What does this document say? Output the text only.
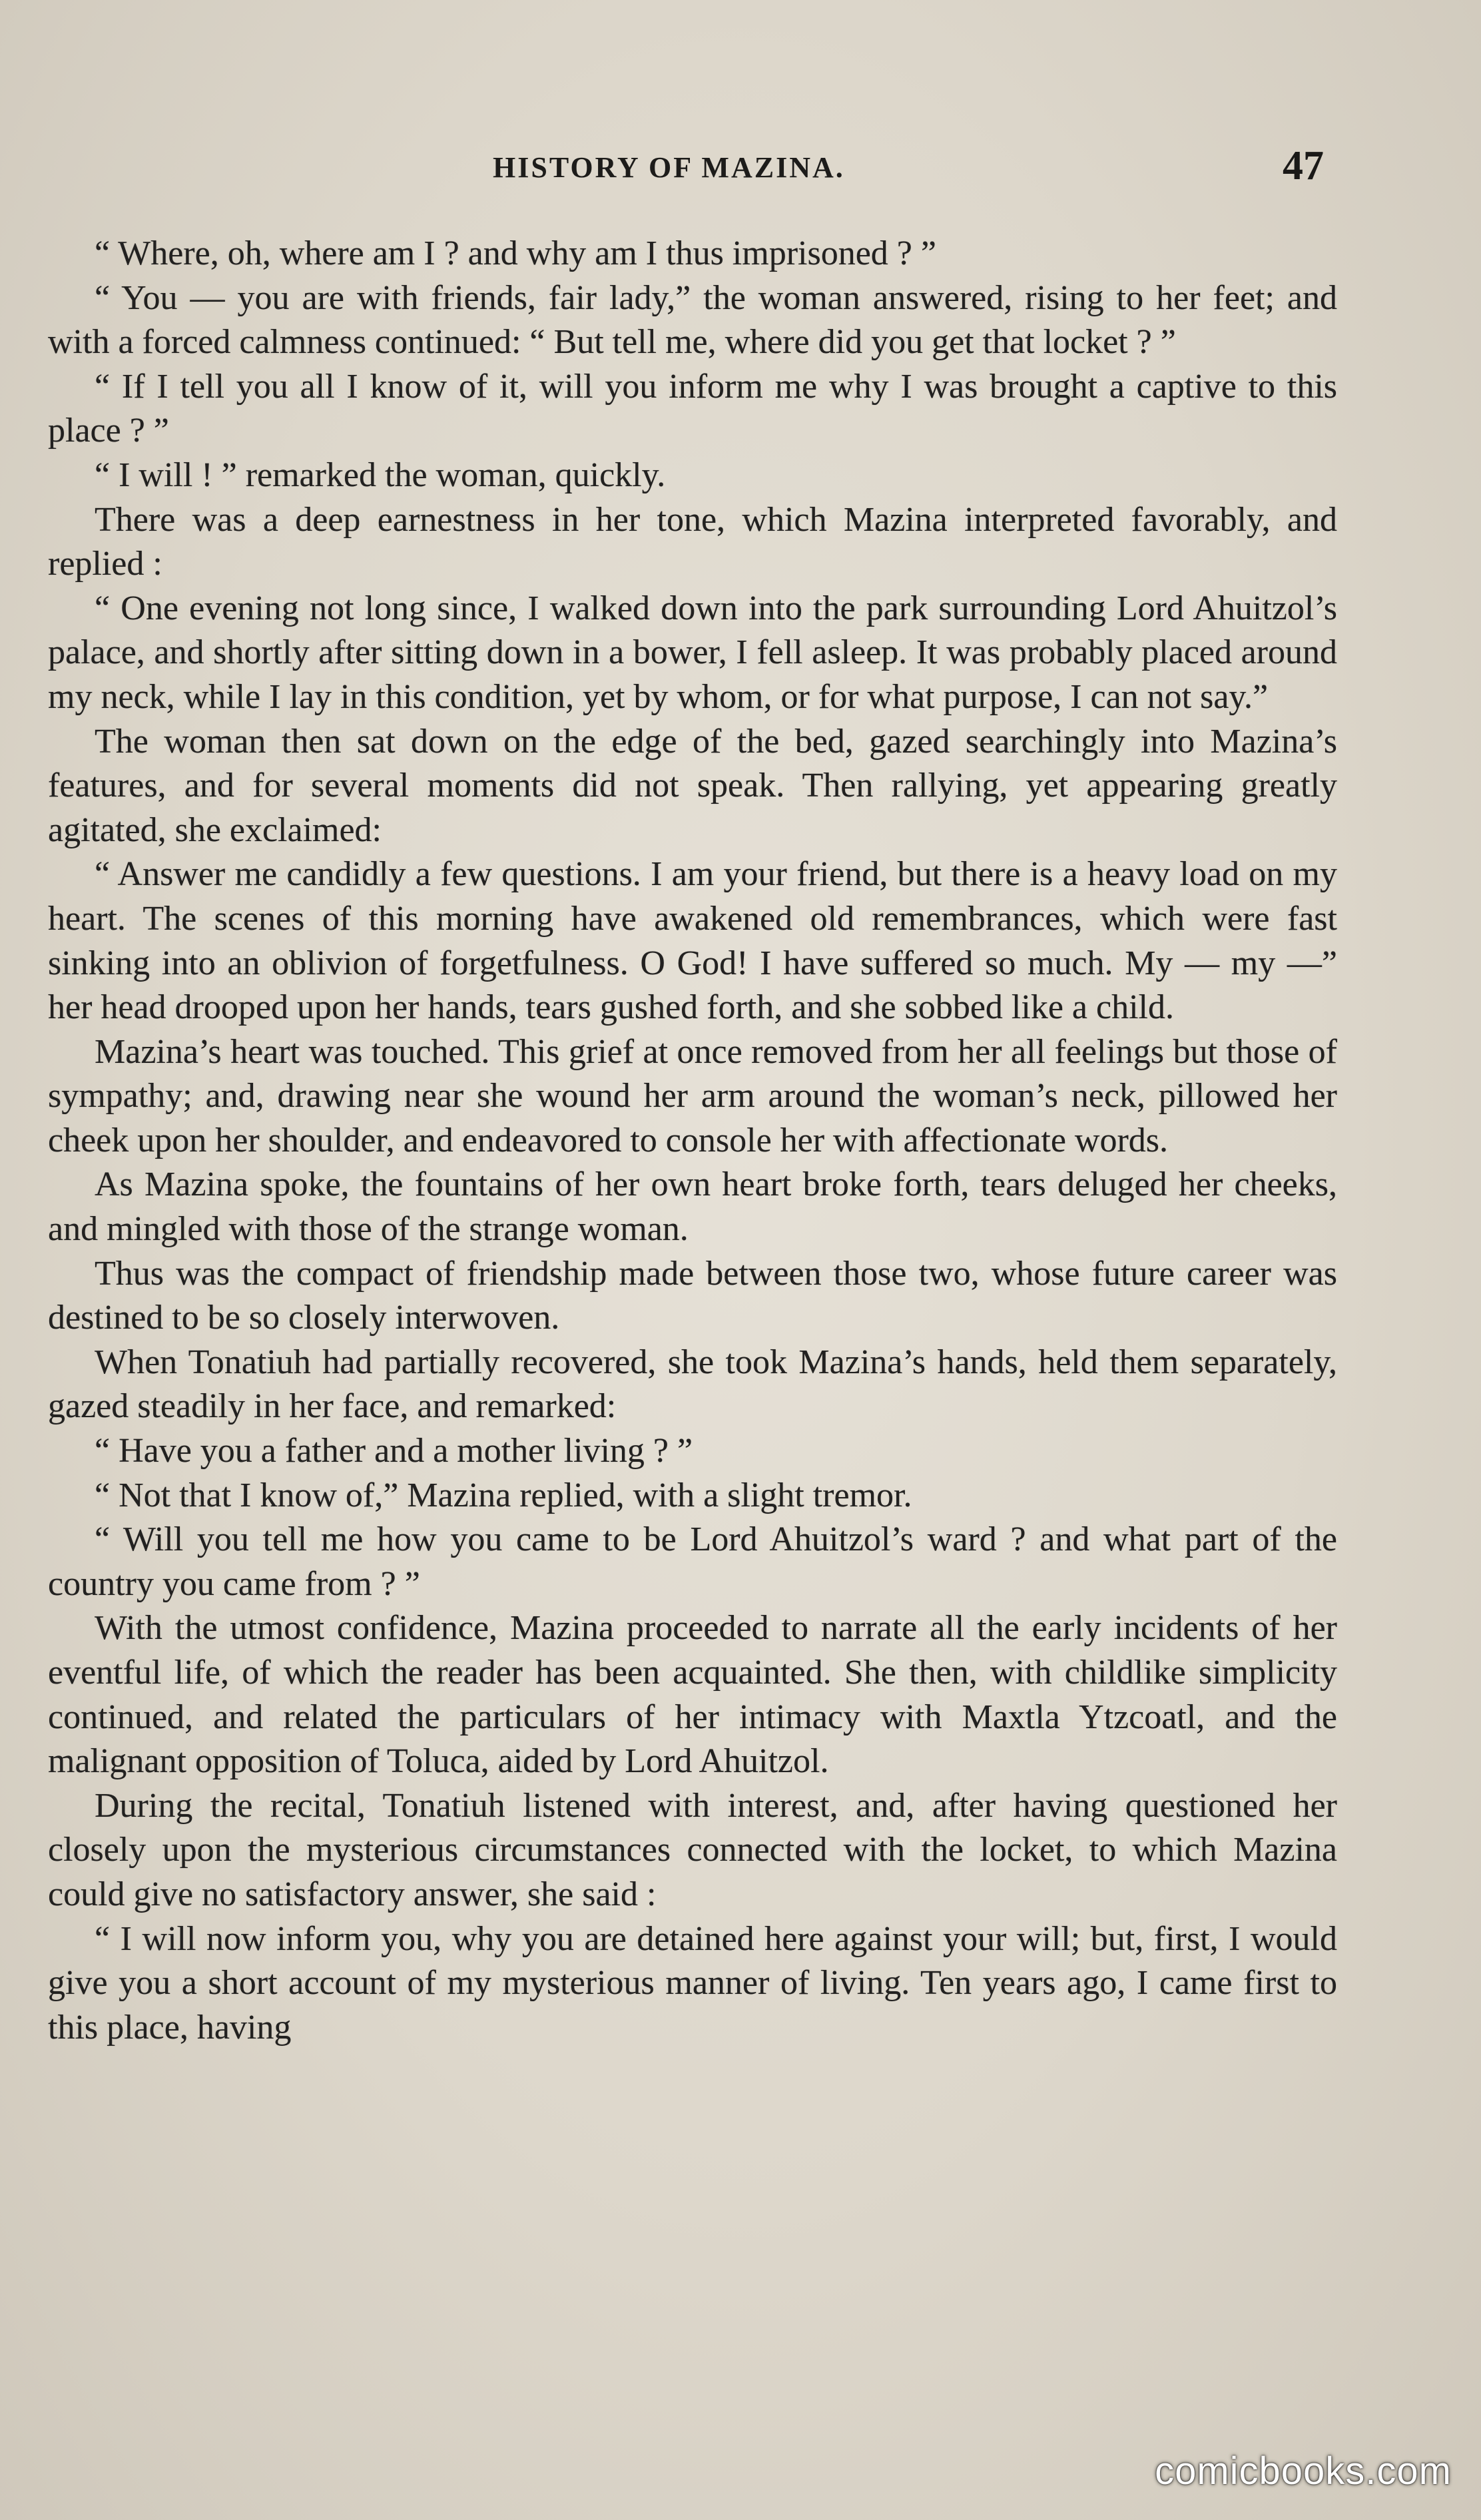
HISTORY OF MAZINA.	47

“ Where, oh, where am I ? and why am I thus imprisoned ? ”

“ You — you are with friends, fair lady,” the woman answered, rising to her feet; and with a forced calmness continued: “ But tell me, where did you get that locket ? ”

“ If I tell you all I know of it, will you inform me why I was brought a captive to this place ? ”

“ I will ! ” remarked the woman, quickly.

There was a deep earnestness in her tone, which Mazina interpreted favorably, and replied :

“ One evening not long since, I walked down into the park surrounding Lord Ahuitzol’s palace, and shortly after sitting down in a bower, I fell asleep. It was probably placed around my neck, while I lay in this condition, yet by whom, or for what purpose, I can not say.”

The woman then sat down on the edge of the bed, gazed searchingly into Mazina’s features, and for several moments did not speak. Then rallying, yet appearing greatly agitated, she exclaimed:

“ Answer me candidly a few questions. I am your friend, but there is a heavy load on my heart. The scenes of this morning have awakened old remembrances, which were fast sinking into an oblivion of forgetfulness. O God! I have suffered so much. My — my —” her head drooped upon her hands, tears gushed forth, and she sobbed like a child.

Mazina’s heart was touched. This grief at once removed from her all feelings but those of sympathy; and, drawing near she wound her arm around the woman’s neck, pillowed her cheek upon her shoulder, and endeavored to console her with affectionate words.

As Mazina spoke, the fountains of her own heart broke forth, tears deluged her cheeks, and mingled with those of the strange woman.

Thus was the compact of friendship made between those two, whose future career was destined to be so closely interwoven.

When Tonatiuh had partially recovered, she took Mazina’s hands, held them separately, gazed steadily in her face, and remarked:

“ Have you a father and a mother living ? ”

“ Not that I know of,” Mazina replied, with a slight tremor.

“ Will you tell me how you came to be Lord Ahuitzol’s ward ? and what part of the country you came from ? ”

With the utmost confidence, Mazina proceeded to narrate all the early incidents of her eventful life, of which the reader has been acquainted. She then, with childlike simplicity continued, and related the particulars of her intimacy with Maxtla Ytzcoatl, and the malignant opposition of Toluca, aided by Lord Ahuitzol.

During the recital, Tonatiuh listened with interest, and, after having questioned her closely upon the mysterious circumstances connected with the locket, to which Mazina could give no satisfactory answer, she said :

“ I will now inform you, why you are detained here against your will; but, first, I would give you a short account of my mysterious manner of living. Ten years ago, I came first to this place, having

comicbooks.com
